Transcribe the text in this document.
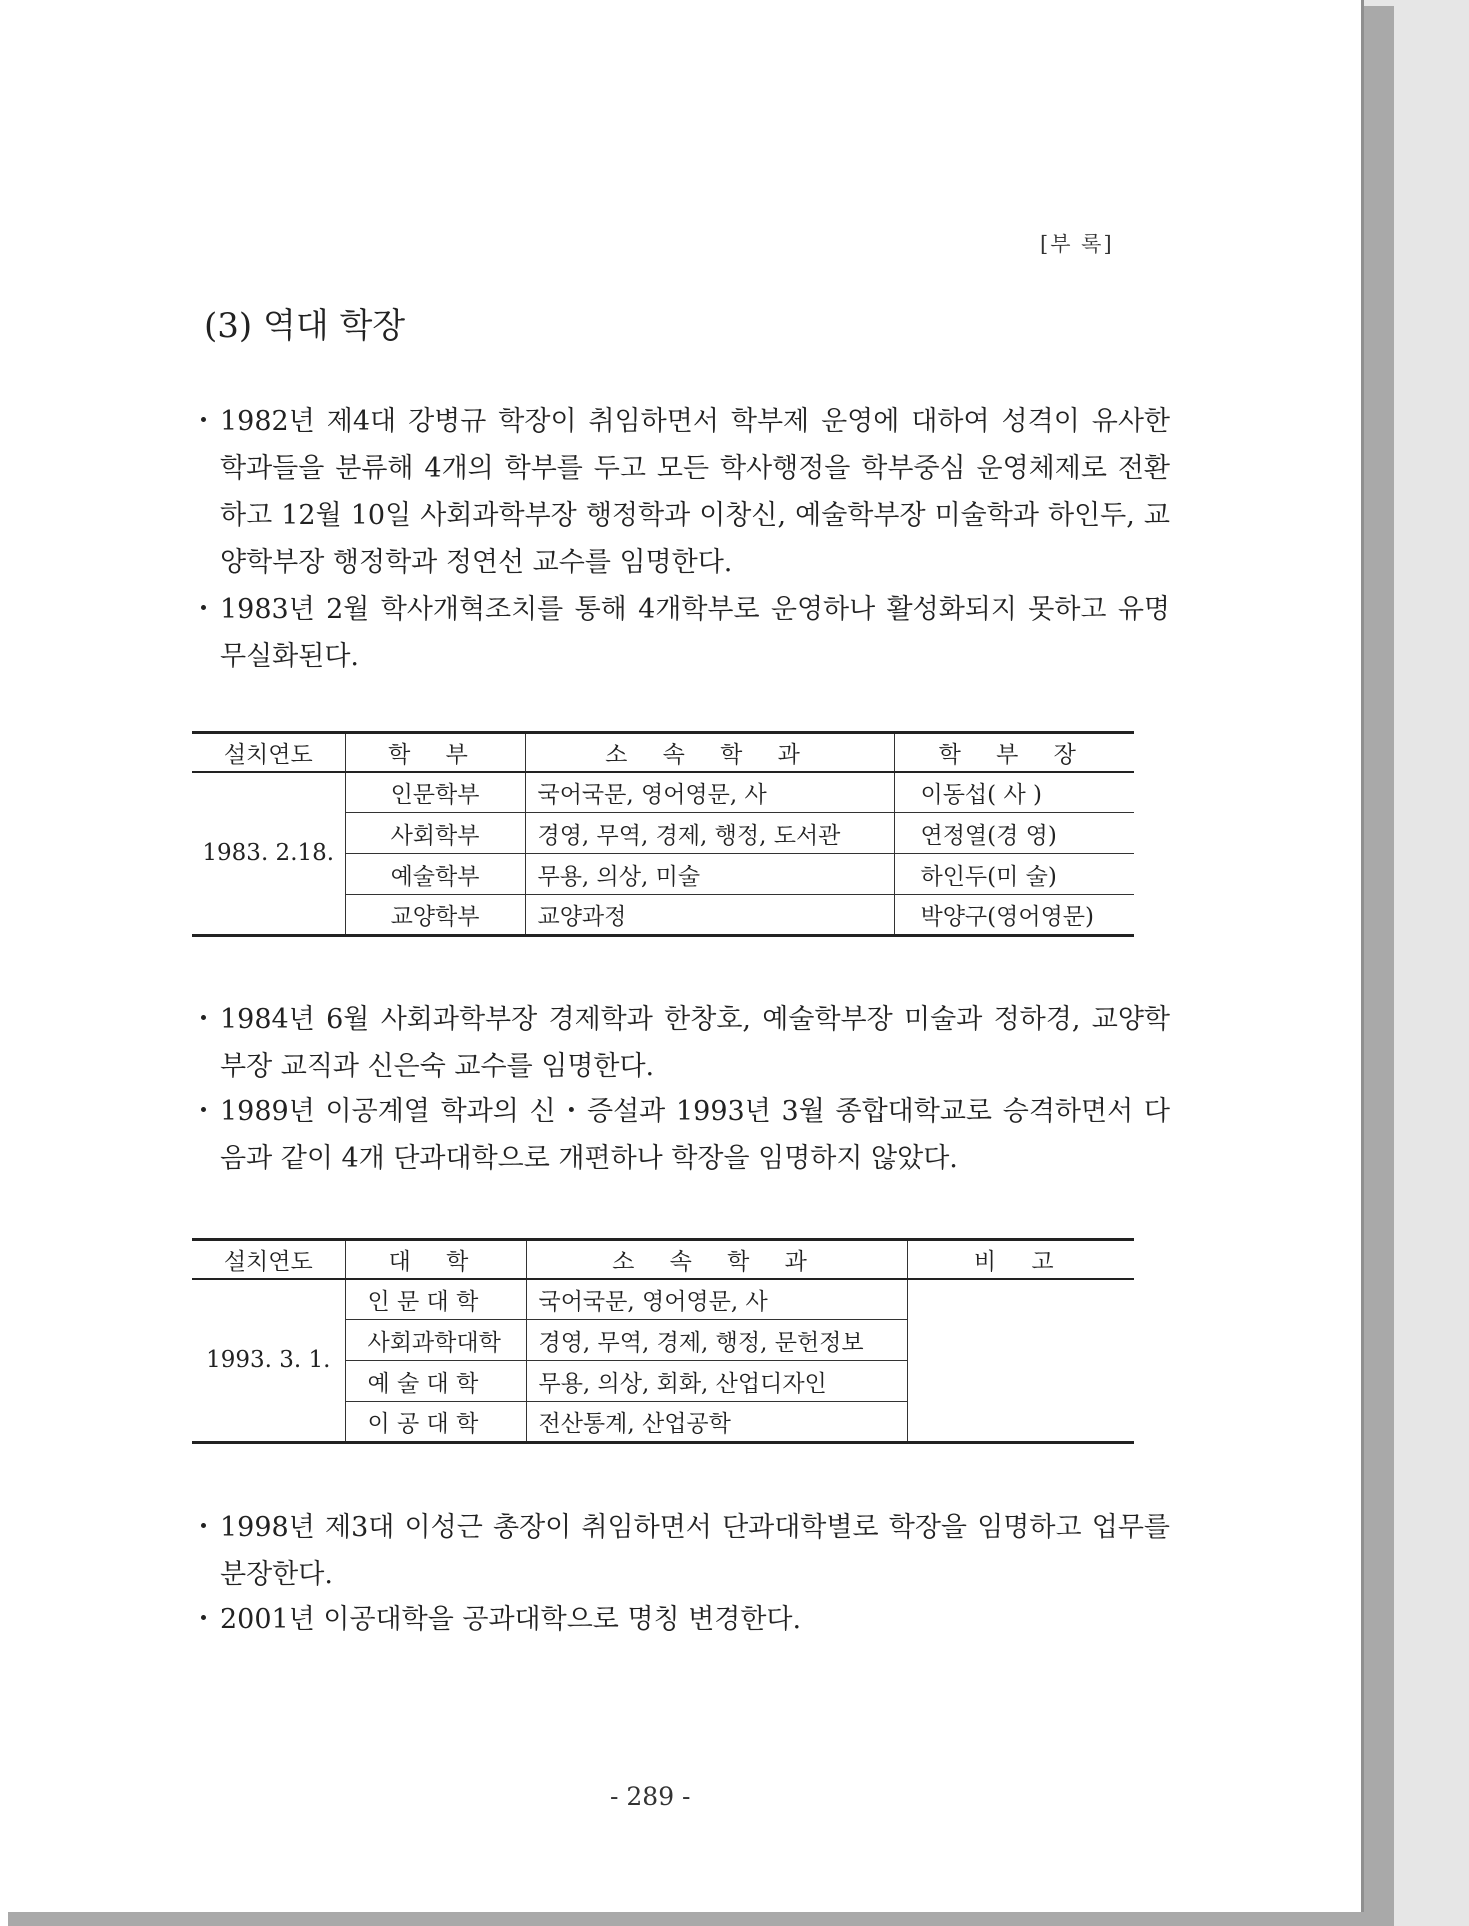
[부 록]
(3) 역대 학장
・ 1982년 제4대 강병규 학장이 취임하면서 학부제 운영에 대하여 성격이 유사한 학과들을 분류해 4개의 학부를 두고 모든 학사행정을 학부중심 운영체제로 전환하고 12월 10일 사회과학부장 행정학과 이창신, 예술학부장 미술학과 하인두, 교양학부장 행정학과 정연선 교수를 임명한다.
・ 1983년 2월 학사개혁조치를 통해 4개학부로 운영하나 활성화되지 못하고 유명무실화된다.
설치연도	학 부	소 속 학 과	학 부 장
1983. 2.18.	인문학부	국어국문, 영어영문, 사	이동섭( 사 )
	사회학부	경영, 무역, 경제, 행정, 도서관	연정열(경 영)
	예술학부	무용, 의상, 미술	하인두(미 술)
	교양학부	교양과정	박양구(영어영문)
・ 1984년 6월 사회과학부장 경제학과 한창호, 예술학부장 미술과 정하경, 교양학부장 교직과 신은숙 교수를 임명한다.
・ 1989년 이공계열 학과의 신・증설과 1993년 3월 종합대학교로 승격하면서 다음과 같이 4개 단과대학으로 개편하나 학장을 임명하지 않았다.
설치연도	대 학	소 속 학 과	비 고
1993. 3. 1.	인 문 대 학	국어국문, 영어영문, 사	
	사회과학대학	경영, 무역, 경제, 행정, 문헌정보	
	예 술 대 학	무용, 의상, 회화, 산업디자인	
	이 공 대 학	전산통계, 산업공학	
・ 1998년 제3대 이성근 총장이 취임하면서 단과대학별로 학장을 임명하고 업무를 분장한다.
・ 2001년 이공대학을 공과대학으로 명칭 변경한다.
- 289 -
